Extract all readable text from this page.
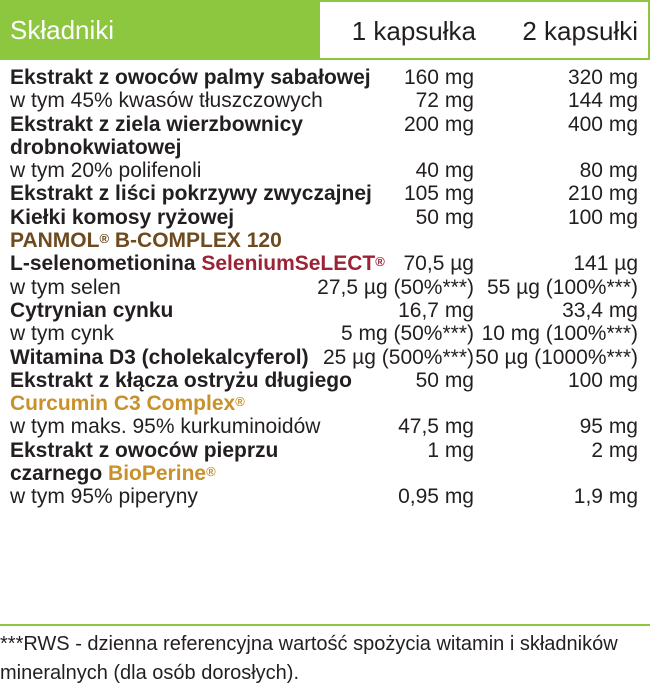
Składniki	1 kapsułka 2 kapsułki
Ekstrakt z owoców palmy sabałowej 160 mg	320 mg
w tym 45% kwasów tłuszczowych	72 mg	144 mg
Ekstrakt z ziela wierzbownicy	200 mg	400 mg
drobnokwiatowej
w tym 20% polifenoli	40 mg	80 mg
Ekstrakt z liści pokrzywy zwyczajnej 105 mg	210 mg
Kiełki komosy ryżowej	50 mg	100 mg
PANMOL® B-COMPLEX 120
L-selenometionina SeleniumSeLECT® 70,5 µg	141 µg
w tym selen	27,5 µg (50%***) 55 µg (100%***)
Cytrynian cynku	16,7 mg	33,4 mg
w tym cynk	5 mg (50%***) 10 mg (100%***)
Witamina D3 (cholekalcyferol) 25 µg (500%***) 50 µg (1000%***)
Ekstrakt z kłącza ostryżu długiego	50 mg	100 mg
Curcumin C3 Complex®
w tym maks. 95% kurkuminoidów	47,5 mg	95 mg
Ekstrakt z owoców pieprzu	1 mg	2 mg
czarnego BioPerine®
w tym 95% piperyny	0,95 mg	1,9 mg
***RWS - dzienna referencyjna wartość spożycia witamin i składników mineralnych (dla osób dorosłych).
